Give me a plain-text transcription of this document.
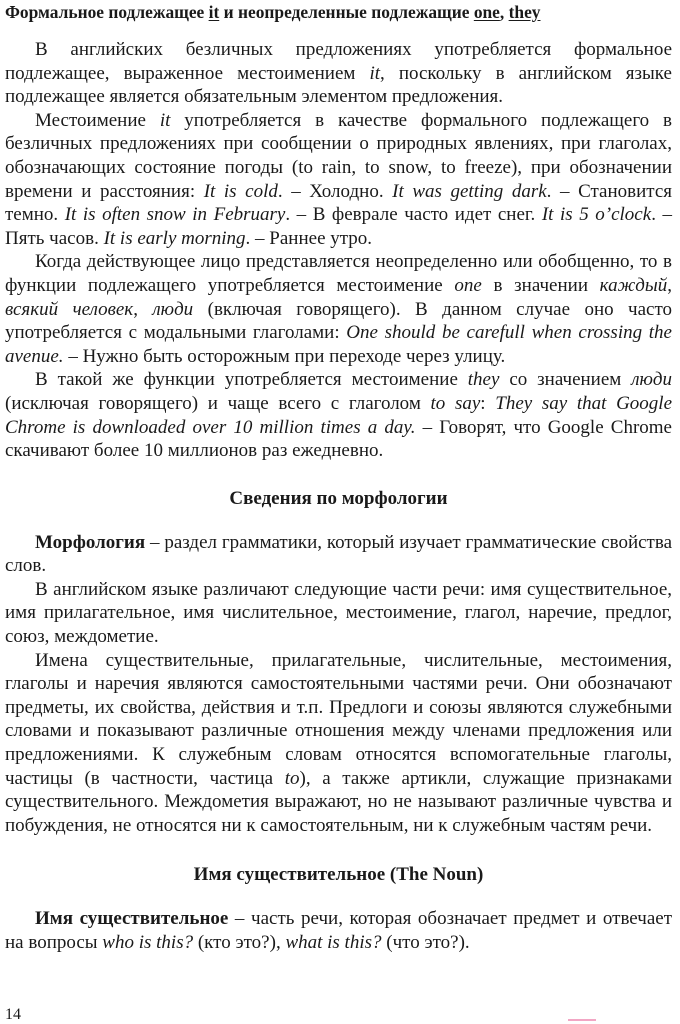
Формальное подлежащее it и неопределенные подлежащие one, they

В английских безличных предложениях употребляется формальное подлежащее, выраженное местоимением it, поскольку в английском языке подлежащее является обязательным элементом предложения.

Местоимение it употребляется в качестве формального подлежащего в безличных предложениях при сообщении о природных явлениях, при глаголах, обозначающих состояние погоды (to rain, to snow, to freeze), при обозначении времени и расстояния: It is cold. – Холодно. It was getting dark. – Становится темно. It is often snow in February. – В феврале часто идет снег. It is 5 o’clock. – Пять часов. It is early morning. – Раннее утро.

Когда действующее лицо представляется неопределенно или обобщенно, то в функции подлежащего употребляется местоимение one в значении каждый, всякий человек, люди (включая говорящего). В данном случае оно часто употребляется с модальными глаголами: One should be carefull when crossing the avenue. – Нужно быть осторожным при переходе через улицу.

В такой же функции употребляется местоимение they со значением люди (исключая говорящего) и чаще всего с глаголом to say: They say that Google Chrome is downloaded over 10 million times a day. – Говорят, что Google Chrome скачивают более 10 миллионов раз ежедневно.

Сведения по морфологии

Морфология – раздел грамматики, который изучает грамматические свойства слов.

В английском языке различают следующие части речи: имя существительное, имя прилагательное, имя числительное, местоимение, глагол, наречие, предлог, союз, междометие.

Имена существительные, прилагательные, числительные, местоимения, глаголы и наречия являются самостоятельными частями речи. Они обозначают предметы, их свойства, действия и т.п. Предлоги и союзы являются служебными словами и показывают различные отношения между членами предложения или предложениями. К служебным словам относятся вспомогательные глаголы, частицы (в частности, частица to), а также артикли, служащие признаками существительного. Междометия выражают, но не называют различные чувства и побуждения, не относятся ни к самостоятельным, ни к служебным частям речи.

Имя существительное (The Noun)

Имя существительное – часть речи, которая обозначает предмет и отвечает на вопросы who is this? (кто это?), what is this? (что это?).

14
